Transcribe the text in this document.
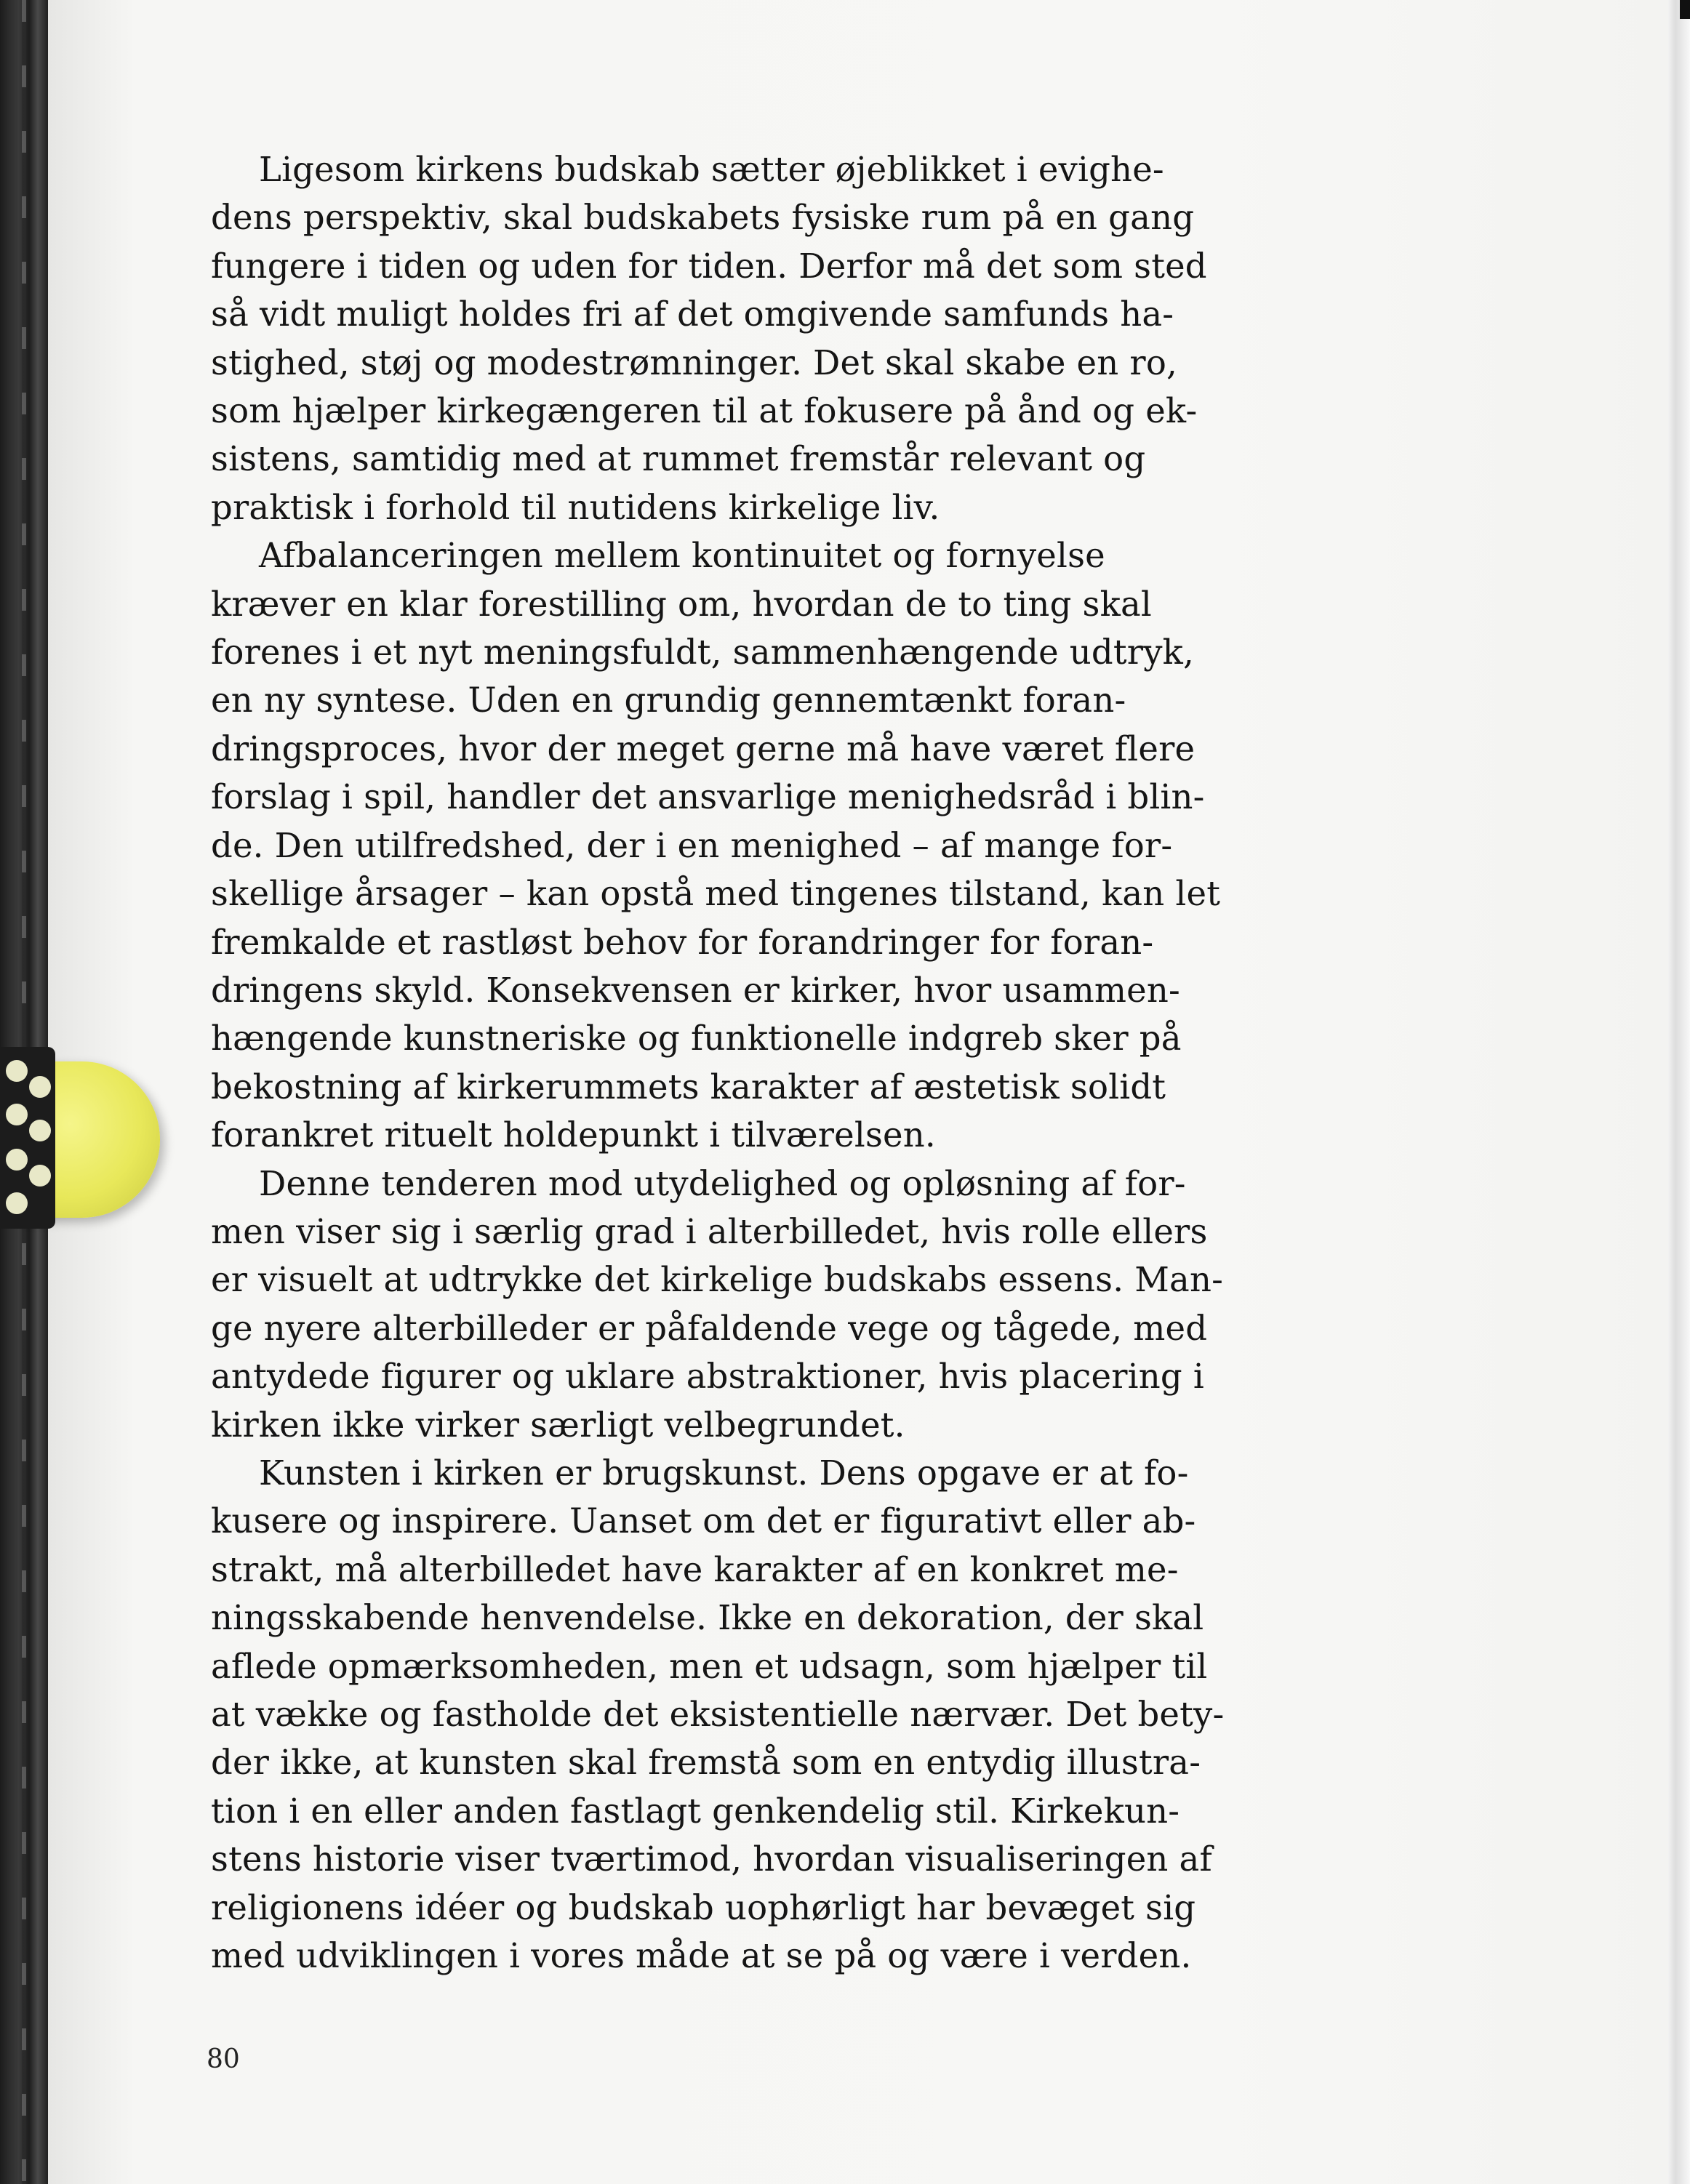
Ligesom kirkens budskab sætter øjeblikket i evighe-
dens perspektiv, skal budskabets fysiske rum på en gang
fungere i tiden og uden for tiden. Derfor må det som sted
så vidt muligt holdes fri af det omgivende samfunds ha-
stighed, støj og modestrømninger. Det skal skabe en ro,
som hjælper kirkegængeren til at fokusere på ånd og ek-
sistens, samtidig med at rummet fremstår relevant og
praktisk i forhold til nutidens kirkelige liv.
Afbalanceringen mellem kontinuitet og fornyelse
kræver en klar forestilling om, hvordan de to ting skal
forenes i et nyt meningsfuldt, sammenhængende udtryk,
en ny syntese. Uden en grundig gennemtænkt foran-
dringsproces, hvor der meget gerne må have været flere
forslag i spil, handler det ansvarlige menighedsråd i blin-
de. Den utilfredshed, der i en menighed – af mange for-
skellige årsager – kan opstå med tingenes tilstand, kan let
fremkalde et rastløst behov for forandringer for foran-
dringens skyld. Konsekvensen er kirker, hvor usammen-
hængende kunstneriske og funktionelle indgreb sker på
bekostning af kirkerummets karakter af æstetisk solidt
forankret rituelt holdepunkt i tilværelsen.
Denne tenderen mod utydelighed og opløsning af for-
men viser sig i særlig grad i alterbilledet, hvis rolle ellers
er visuelt at udtrykke det kirkelige budskabs essens. Man-
ge nyere alterbilleder er påfaldende vege og tågede, med
antydede figurer og uklare abstraktioner, hvis placering i
kirken ikke virker særligt velbegrundet.
Kunsten i kirken er brugskunst. Dens opgave er at fo-
kusere og inspirere. Uanset om det er figurativt eller ab-
strakt, må alterbilledet have karakter af en konkret me-
ningsskabende henvendelse. Ikke en dekoration, der skal
aflede opmærksomheden, men et udsagn, som hjælper til
at vække og fastholde det eksistentielle nærvær. Det bety-
der ikke, at kunsten skal fremstå som en entydig illustra-
tion i en eller anden fastlagt genkendelig stil. Kirkekun-
stens historie viser tværtimod, hvordan visualiseringen af
religionens idéer og budskab uophørligt har bevæget sig
med udviklingen i vores måde at se på og være i verden.
80
